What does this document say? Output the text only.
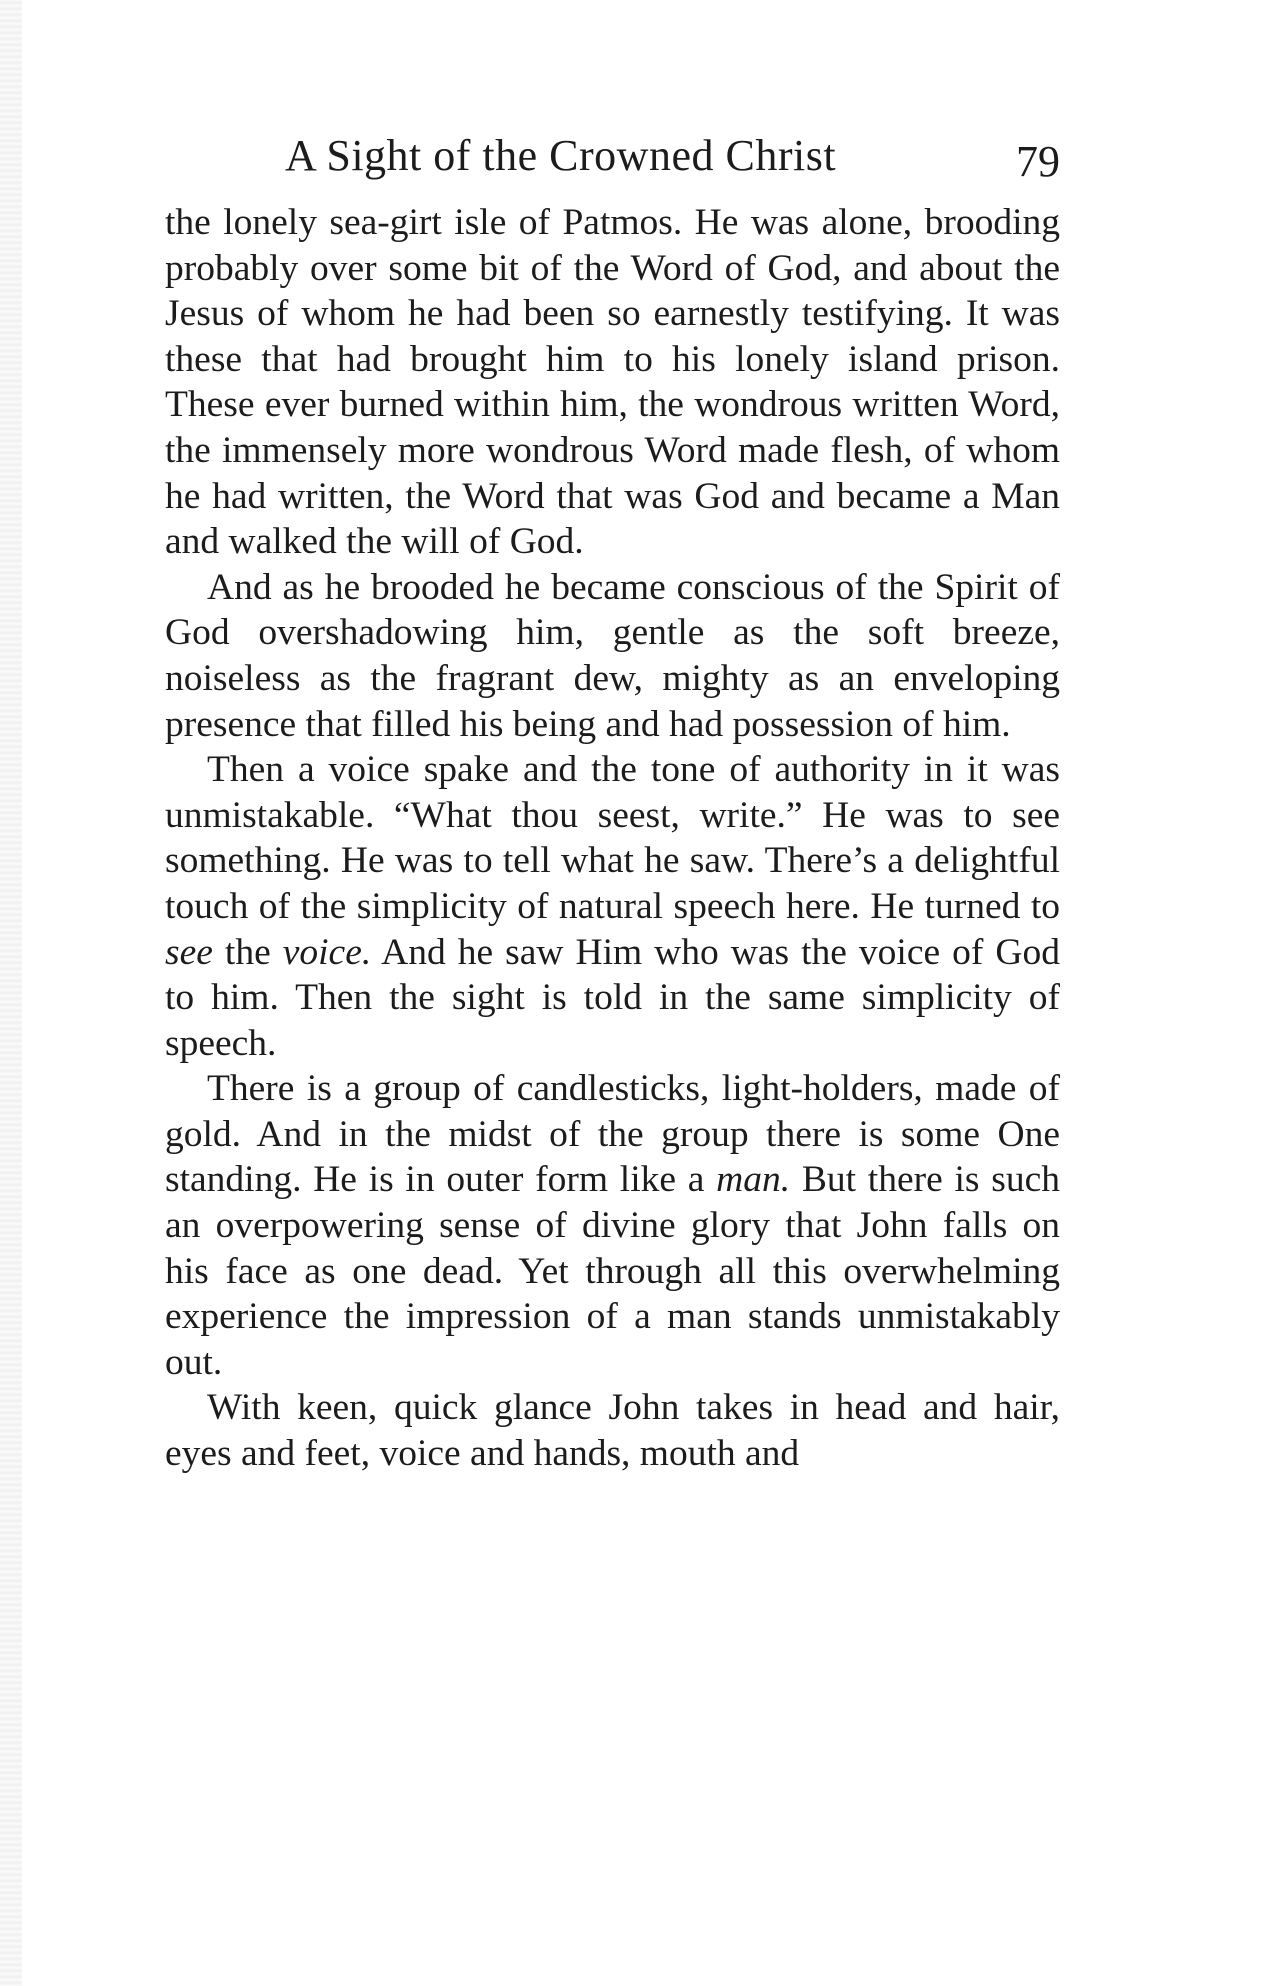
A Sight of the Crowned Christ	79

the lonely sea-girt isle of Patmos. He was alone, brooding probably over some bit of the Word of God, and about the Jesus of whom he had been so earnestly testifying. It was these that had brought him to his lonely island prison. These ever burned within him, the wondrous written Word, the immensely more wondrous Word made flesh, of whom he had written, the Word that was God and became a Man and walked the will of God.

And as he brooded he became conscious of the Spirit of God overshadowing him, gentle as the soft breeze, noiseless as the fragrant dew, mighty as an enveloping presence that filled his being and had possession of him.

Then a voice spake and the tone of authority in it was unmistakable. “What thou seest, write.” He was to see something. He was to tell what he saw. There’s a delightful touch of the simplicity of natural speech here. He turned to see the voice. And he saw Him who was the voice of God to him. Then the sight is told in the same simplicity of speech.

There is a group of candlesticks, light-holders, made of gold. And in the midst of the group there is some One standing. He is in outer form like a man. But there is such an overpowering sense of divine glory that John falls on his face as one dead. Yet through all this overwhelming experience the impression of a man stands unmistakably out.

With keen, quick glance John takes in head and hair, eyes and feet, voice and hands, mouth and
